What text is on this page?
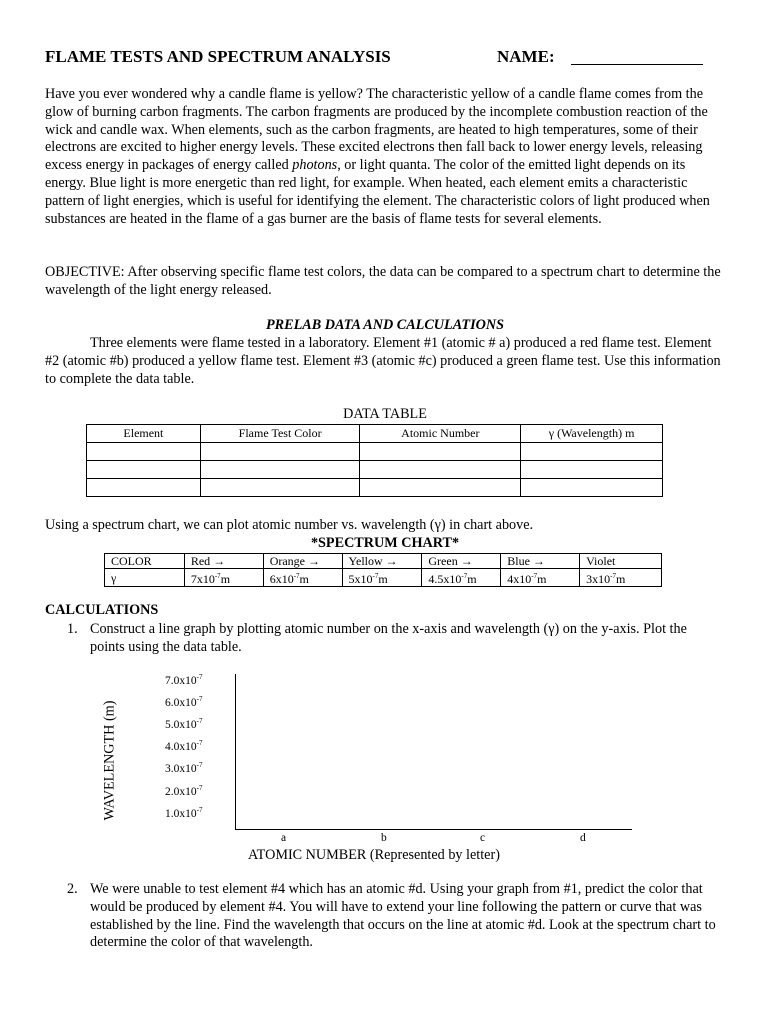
FLAME TESTS AND SPECTRUM ANALYSIS	NAME:
Have you ever wondered why a candle flame is yellow? The characteristic yellow of a candle flame comes from the glow of burning carbon fragments. The carbon fragments are produced by the incomplete combustion reaction of the wick and candle wax. When elements, such as the carbon fragments, are heated to high temperatures, some of their electrons are excited to higher energy levels. These excited electrons then fall back to lower energy levels, releasing excess energy in packages of energy called photons, or light quanta. The color of the emitted light depends on its energy. Blue light is more energetic than red light, for example. When heated, each element emits a characteristic pattern of light energies, which is useful for identifying the element. The characteristic colors of light produced when substances are heated in the flame of a gas burner are the basis of flame tests for several elements.
OBJECTIVE: After observing specific flame test colors, the data can be compared to a spectrum chart to determine the wavelength of the light energy released.
PRELAB DATA AND CALCULATIONS
Three elements were flame tested in a laboratory. Element #1 (atomic # a) produced a red flame test. Element #2 (atomic #b) produced a yellow flame test. Element #3 (atomic #c) produced a green flame test. Use this information to complete the data table.
DATA TABLE
Element	Flame Test Color	Atomic Number	γ (Wavelength) m

Using a spectrum chart, we can plot atomic number vs. wavelength (γ) in chart above.
*SPECTRUM CHART*
COLOR	Red →	Orange →	Yellow →	Green →	Blue →	Violet
γ	$7x10^{-7}m$	$6x10^{-7}m$	$5x10^{-7}m$	$4.5x10^{-7}m$	$4x10^{-7}m$	$3x10^{-7}m$
CALCULATIONS
1. Construct a line graph by plotting atomic number on the x-axis and wavelength (γ) on the y-axis. Plot the points using the data table.
WAVELENGTH (m)
$7.0x10^{-7}$
$6.0x10^{-7}$
$5.0x10^{-7}$
$4.0x10^{-7}$
$3.0x10^{-7}$
$2.0x10^{-7}$
$1.0x10^{-7}$
a	b	c	d
ATOMIC NUMBER (Represented by letter)
2. We were unable to test element #4 which has an atomic #d. Using your graph from #1, predict the color that would be produced by element #4. You will have to extend your line following the pattern or curve that was established by the line. Find the wavelength that occurs on the line at atomic #d. Look at the spectrum chart to determine the color of that wavelength.
